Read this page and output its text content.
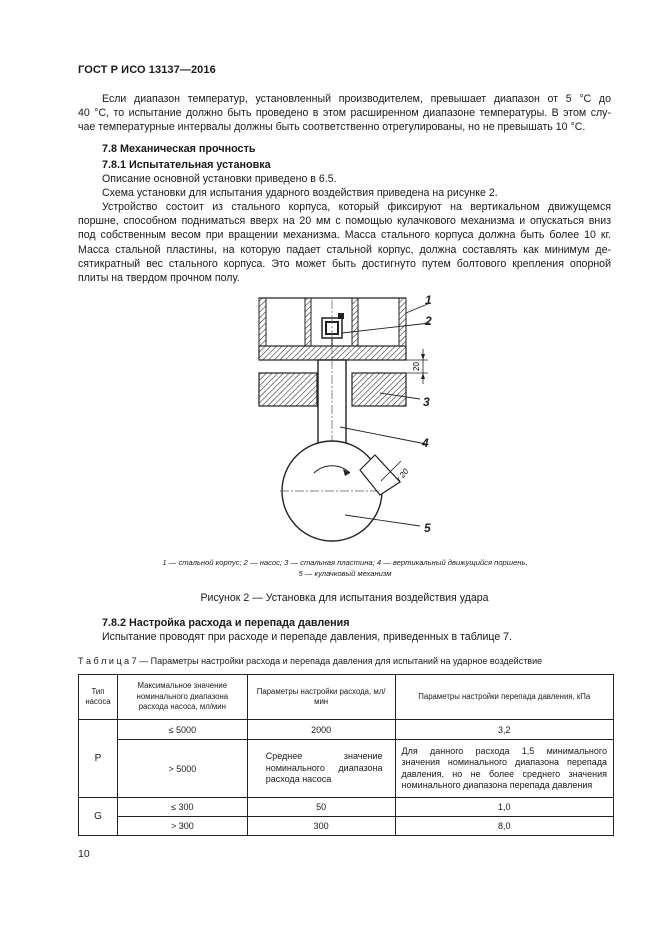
ГОСТ Р ИСО 13137—2016
Если диапазон температур, установленный производителем, превышает диапазон от 5 °С до
40 °С, то испытание должно быть проведено в этом расширенном диапазоне температуры. В этом слу-
чае температурные интервалы должны быть соответственно отрегулированы, но не превышать 10 °С.
7.8 Механическая прочность
7.8.1 Испытательная установка
Описание основной установки приведено в 6.5.
Схема установки для испытания ударного воздействия приведена на рисунке 2.
Устройство состоит из стального корпуса, который фиксируют на вертикальном движущемся
поршне, способном подниматься вверх на 20 мм с помощью кулачкового механизма и опускаться вниз
под собственным весом при вращении механизма. Масса стального корпуса должна быть более 10 кг.
Масса стальной пластины, на которую падает стальной корпус, должна составлять как минимум де-
сятикратный вес стального корпуса. Это может быть достигнуто путем болтового крепления опорной
плиты на твердом прочном полу.
20
r 20
1
2
3
4
5
1 — стальной корпус; 2 — насос; 3 — стальная пластина; 4 — вертикальный движущийся поршень,
5 — кулачковый механизм
Рисунок 2 — Установка для испытания воздействия удара
7.8.2 Настройка расхода и перепада давления
Испытание проводят при расходе и перепаде давления, приведенных в таблице 7.
Т а б л и ц а 7 — Параметры настройки расхода и перепада давления для испытаний на ударное воздействие
Тип насоса	Максимальное значение номинального диапазона расхода насоса, мл/мин	Параметры настройки расхода, мл/мин	Параметры настройки перепада давления, кПа
P	≤ 5000	2000	3,2
	> 5000	Среднее значение номинального диапазона расхода насоса	Для данного расхода 1,5 минимального значения номинального диапазона перепада давления, но не более среднего значения номинального диапазона перепада давления
G	≤ 300	50	1,0
	> 300	300	8,0
10
